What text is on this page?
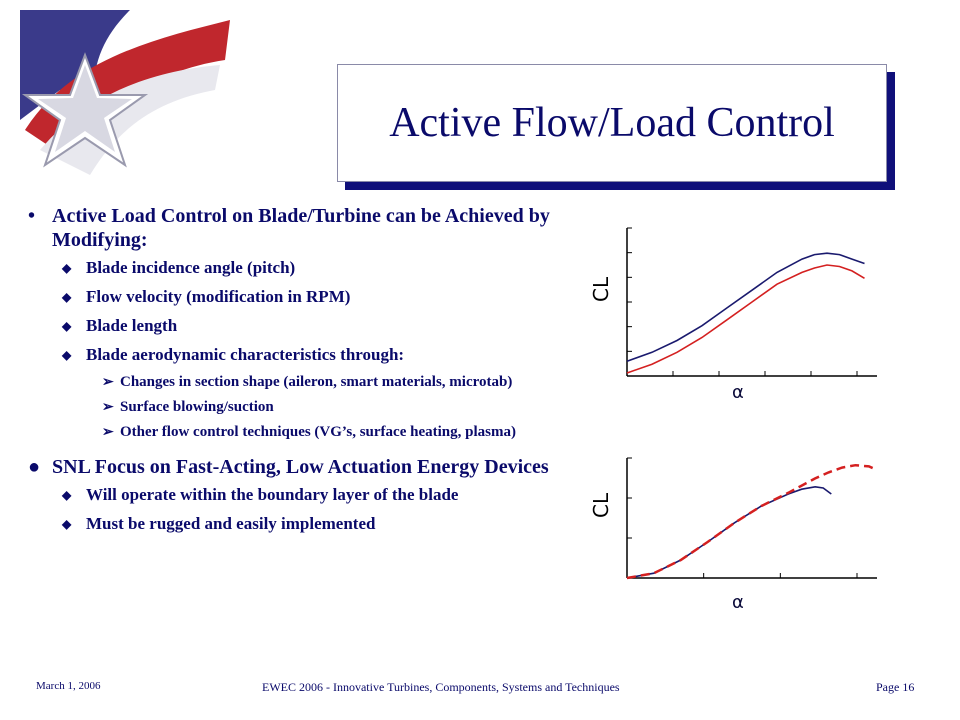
Active Flow/Load Control
• Active Load Control on Blade/Turbine can be Achieved by Modifying:
◆ Blade incidence angle (pitch)
◆ Flow velocity (modification in RPM)
◆ Blade length
◆ Blade aerodynamic characteristics through:
➢ Changes in section shape (aileron, smart materials, microtab)
➢ Surface blowing/suction
➢ Other flow control techniques (VG’s, surface heating, plasma)
● SNL Focus on Fast-Acting, Low Actuation Energy Devices
◆ Will operate within the boundary layer of the blade
◆ Must be rugged and easily implemented
α
CL
α
CL
March 1, 2006	EWEC 2006 - Innovative Turbines, Components, Systems and Techniques	Page 16
